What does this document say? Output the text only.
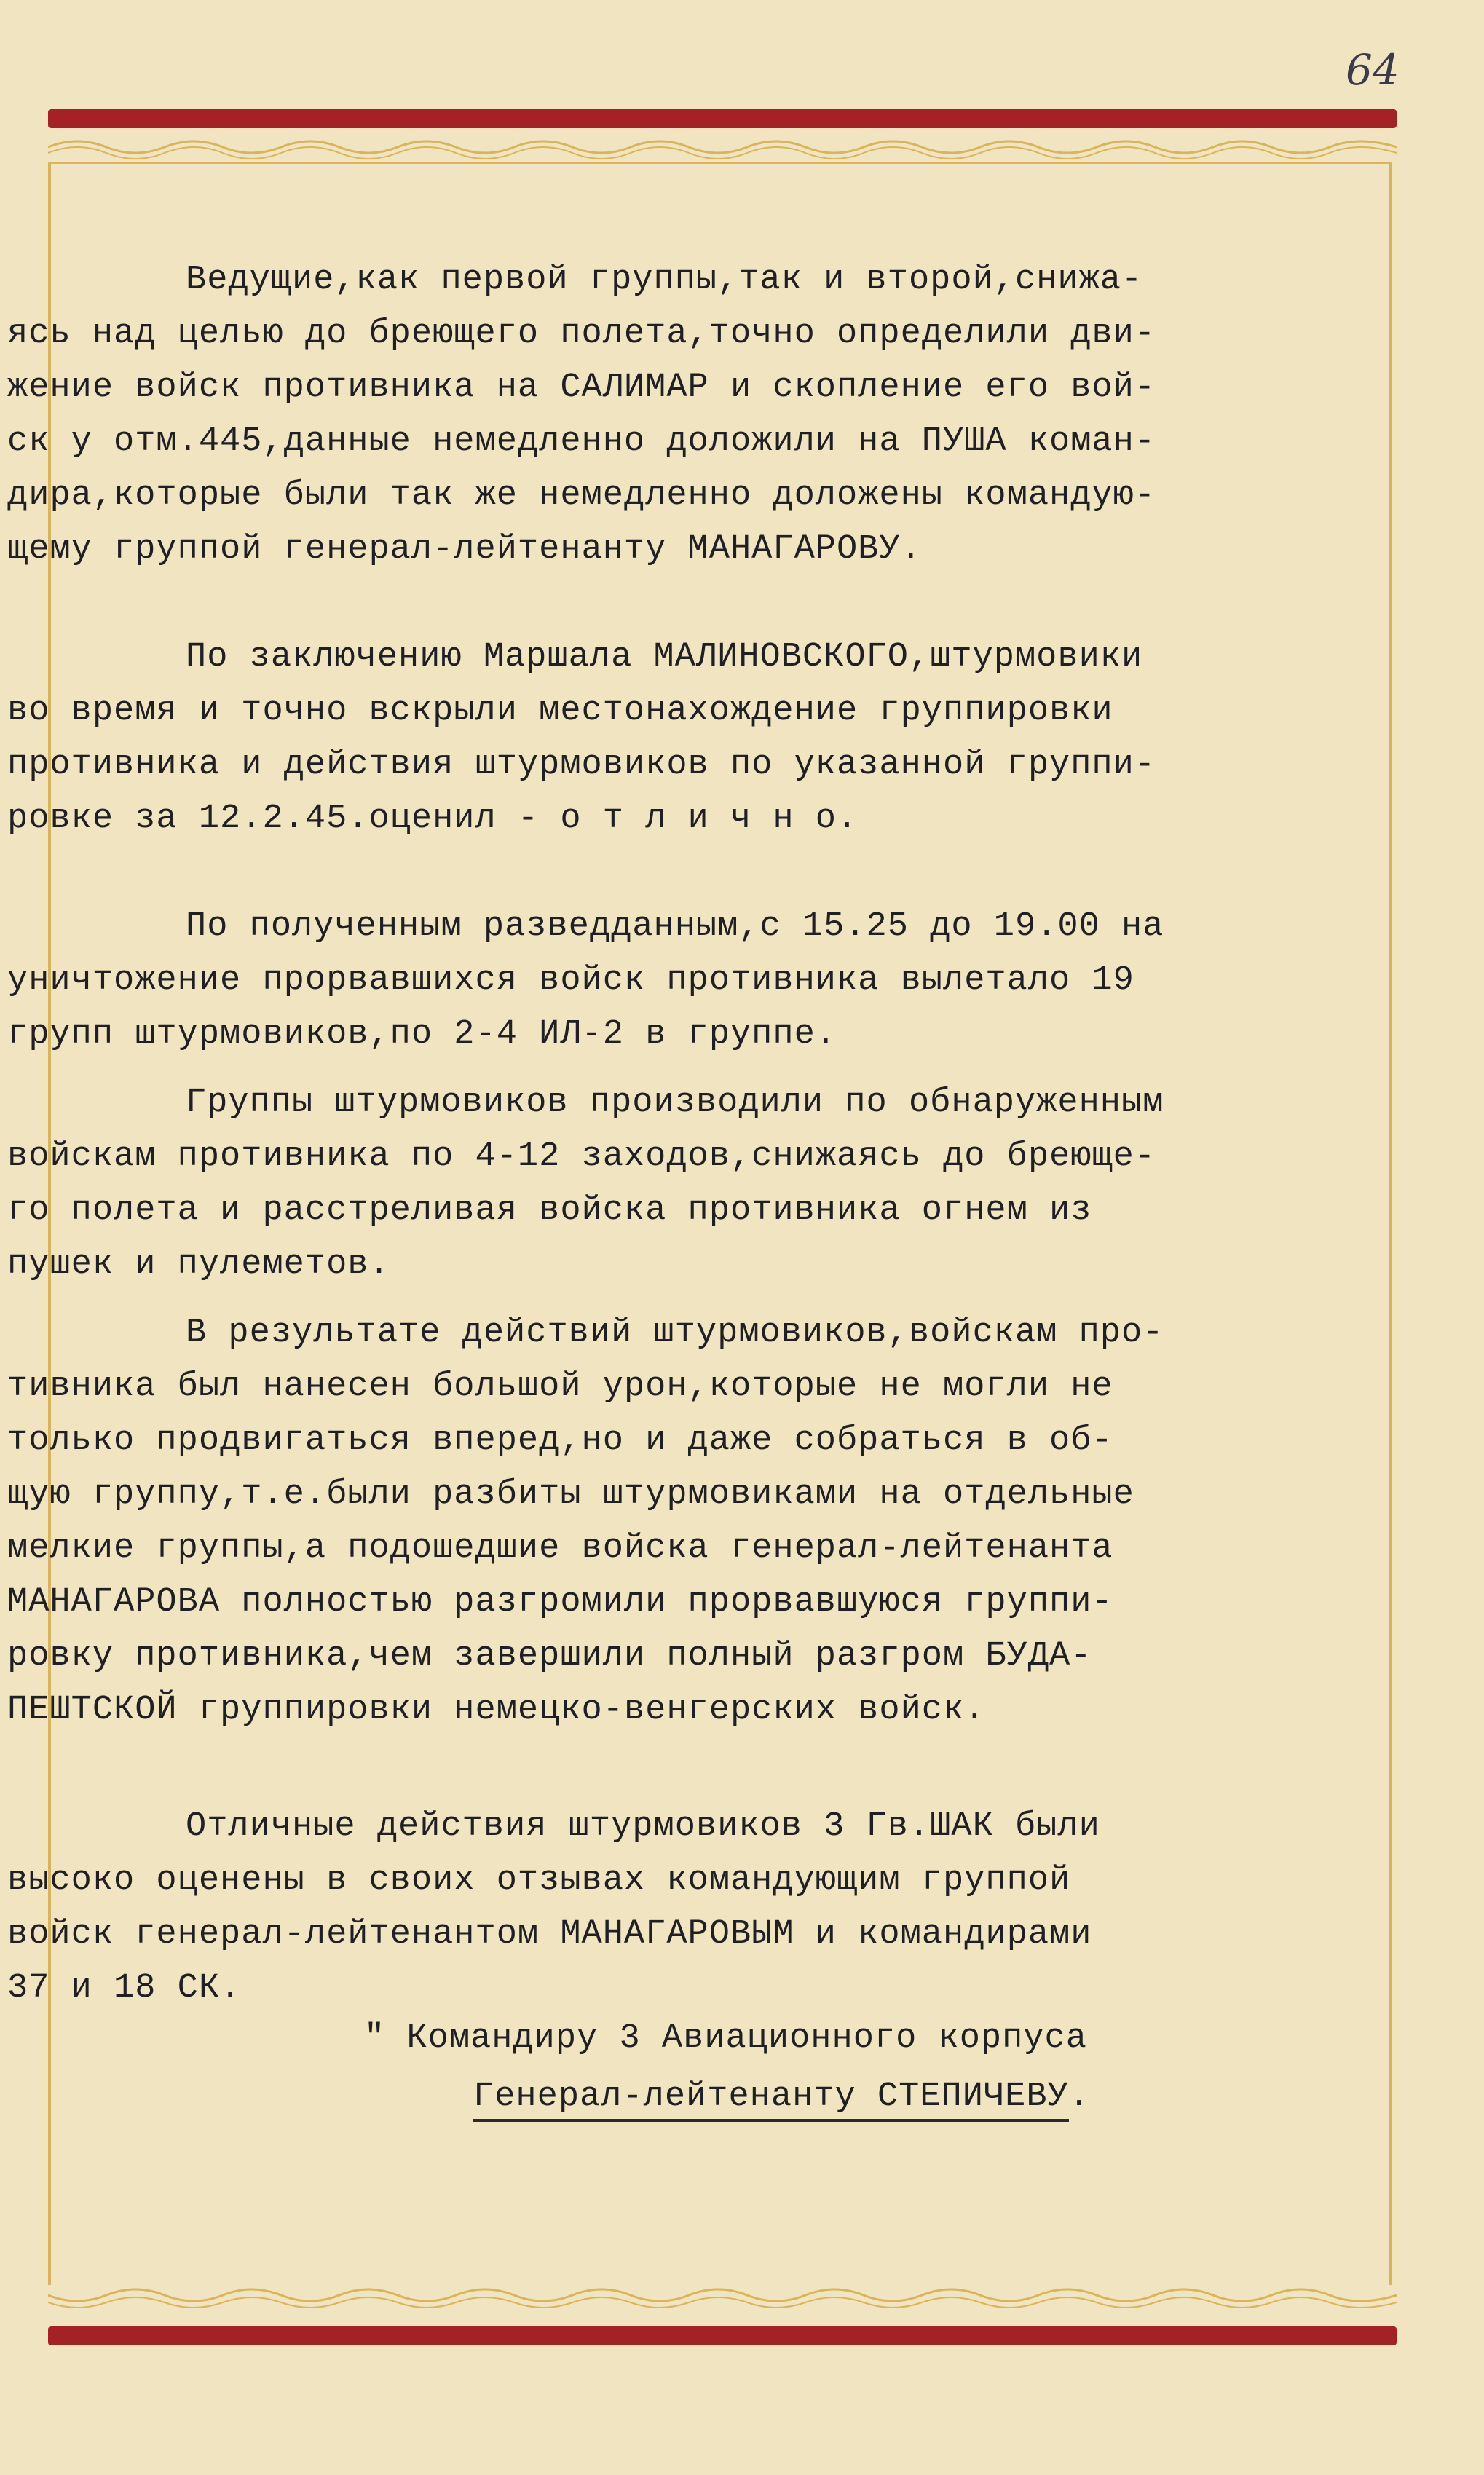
64
Ведущие,как первой группы,так и второй,снижа-
ясь над целью до бреющего полета,точно определили дви-
жение войск противника на САЛИМАР и скопление его вой-
ск у отм.445,данные немедленно доложили на ПУША коман-
дира,которые были так же немедленно доложены командую-
щему группой генерал-лейтенанту МАНАГАРОВУ.
По заключению Маршала МАЛИНОВСКОГО,штурмовики
во время и точно вскрыли местонахождение группировки
противника и действия штурмовиков по указанной группи-
ровке за 12.2.45.оценил - о т л и ч н о.
По полученным разведданным,с 15.25 до 19.00 на
уничтожение прорвавшихся войск противника вылетало 19
групп штурмовиков,по 2-4 ИЛ-2 в группе.
Группы штурмовиков производили по обнаруженным
войскам противника по 4-12 заходов,снижаясь до бреюще-
го полета и расстреливая войска противника огнем из
пушек и пулеметов.
В результате действий штурмовиков,войскам про-
тивника был нанесен большой урон,которые не могли не
только продвигаться вперед,но и даже собраться в об-
щую группу,т.е.были разбиты штурмовиками на отдельные
мелкие группы,а подошедшие войска генерал-лейтенанта
МАНАГАРОВА полностью разгромили прорвавшуюся группи-
ровку противника,чем завершили полный разгром БУДА-
ПЕШТСКОЙ группировки немецко-венгерских войск.
Отличные действия штурмовиков 3 Гв.ШАК были
высоко оценены в своих отзывах командующим группой
войск генерал-лейтенантом МАНАГАРОВЫМ и командирами
37 и 18 СК.
" Командиру 3 Авиационного корпуса
Генерал-лейтенанту СТЕПИЧЕВУ.
